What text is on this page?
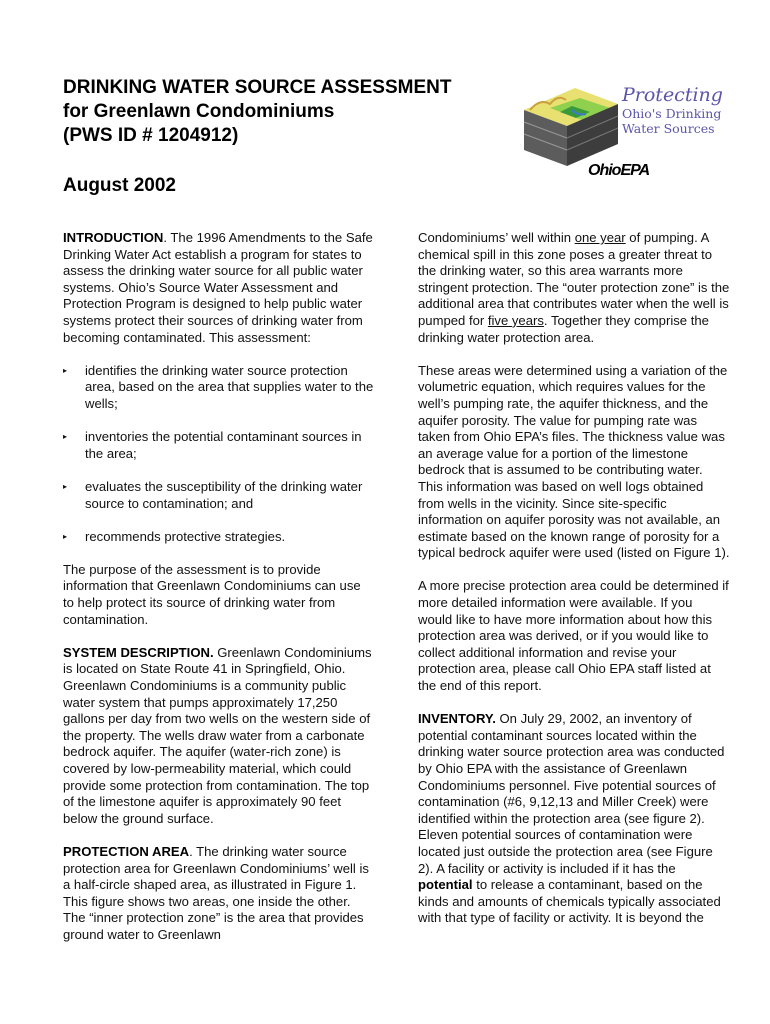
DRINKING WATER SOURCE ASSESSMENT
for Greenlawn Condominiums
(PWS ID # 1204912)
August 2002
Protecting
Ohio's Drinking
Water Sources
OhioEPA

INTRODUCTION. The 1996 Amendments to the Safe Drinking Water Act establish a program for states to assess the drinking water source for all public water systems. Ohio’s Source Water Assessment and Protection Program is designed to help public water systems protect their sources of drinking water from becoming contaminated. This assessment:

▸ identifies the drinking water source protection area, based on the area that supplies water to the wells;
▸ inventories the potential contaminant sources in the area;
▸ evaluates the susceptibility of the drinking water source to contamination; and
▸ recommends protective strategies.

The purpose of the assessment is to provide information that Greenlawn Condominiums can use to help protect its source of drinking water from contamination.

SYSTEM DESCRIPTION. Greenlawn Condominiums is located on State Route 41 in Springfield, Ohio. Greenlawn Condominiums is a community public water system that pumps approximately 17,250 gallons per day from two wells on the western side of the property. The wells draw water from a carbonate bedrock aquifer. The aquifer (water-rich zone) is covered by low-permeability material, which could provide some protection from contamination. The top of the limestone aquifer is approximately 90 feet below the ground surface.

PROTECTION AREA. The drinking water source protection area for Greenlawn Condominiums’ well is a half-circle shaped area, as illustrated in Figure 1. This figure shows two areas, one inside the other. The “inner protection zone” is the area that provides ground water to Greenlawn

Condominiums’ well within one year of pumping. A chemical spill in this zone poses a greater threat to the drinking water, so this area warrants more stringent protection. The “outer protection zone” is the additional area that contributes water when the well is pumped for five years. Together they comprise the drinking water protection area.

These areas were determined using a variation of the volumetric equation, which requires values for the well’s pumping rate, the aquifer thickness, and the aquifer porosity. The value for pumping rate was taken from Ohio EPA’s files. The thickness value was an average value for a portion of the limestone bedrock that is assumed to be contributing water. This information was based on well logs obtained from wells in the vicinity. Since site-specific information on aquifer porosity was not available, an estimate based on the known range of porosity for a typical bedrock aquifer were used (listed on Figure 1).

A more precise protection area could be determined if more detailed information were available. If you would like to have more information about how this protection area was derived, or if you would like to collect additional information and revise your protection area, please call Ohio EPA staff listed at the end of this report.

INVENTORY. On July 29, 2002, an inventory of potential contaminant sources located within the drinking water source protection area was conducted by Ohio EPA with the assistance of Greenlawn Condominiums personnel. Five potential sources of contamination (#6, 9,12,13 and Miller Creek) were identified within the protection area (see figure 2). Eleven potential sources of contamination were located just outside the protection area (see Figure 2). A facility or activity is included if it has the potential to release a contaminant, based on the kinds and amounts of chemicals typically associated with that type of facility or activity. It is beyond the
